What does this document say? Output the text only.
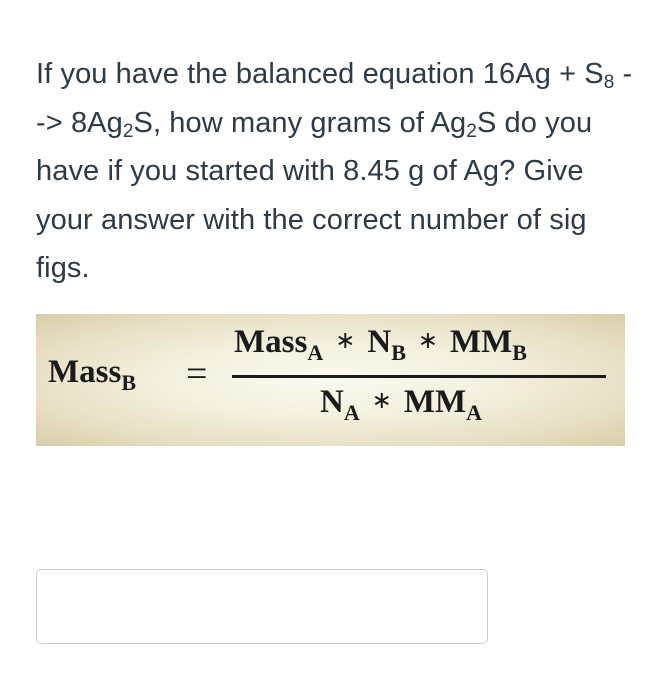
If you have the balanced equation $16Ag + S_8$ --> $8Ag_2S$, how many grams of $Ag_2S$ do you have if you started with 8.45 g of Ag? Give your answer with the correct number of sig figs.
Mass$_B$ =
Mass$_A$ ∗ $N_B$ ∗ $MM_B$
$N_A$ ∗ $MM_A$
